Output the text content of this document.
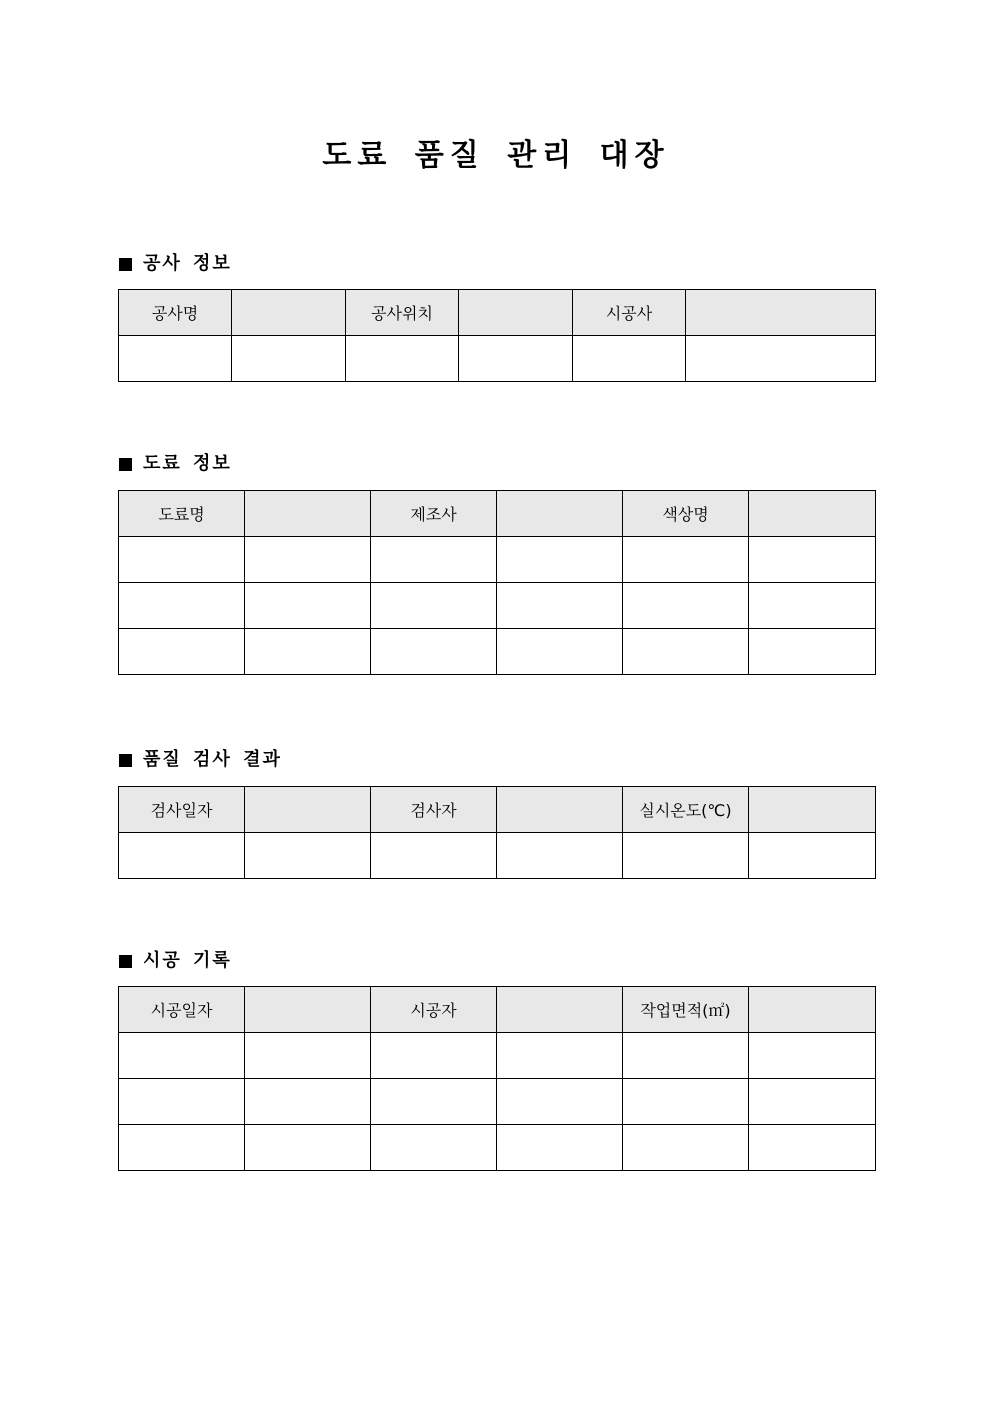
도료 품질 관리 대장
공사 정보
공사명		공사위치		시공사	

도료 정보
도료명		제조사		색상명	

품질 검사 결과
검사일자		검사자		실시온도(℃)	

시공 기록
시공일자		시공자		작업면적(㎡)	
